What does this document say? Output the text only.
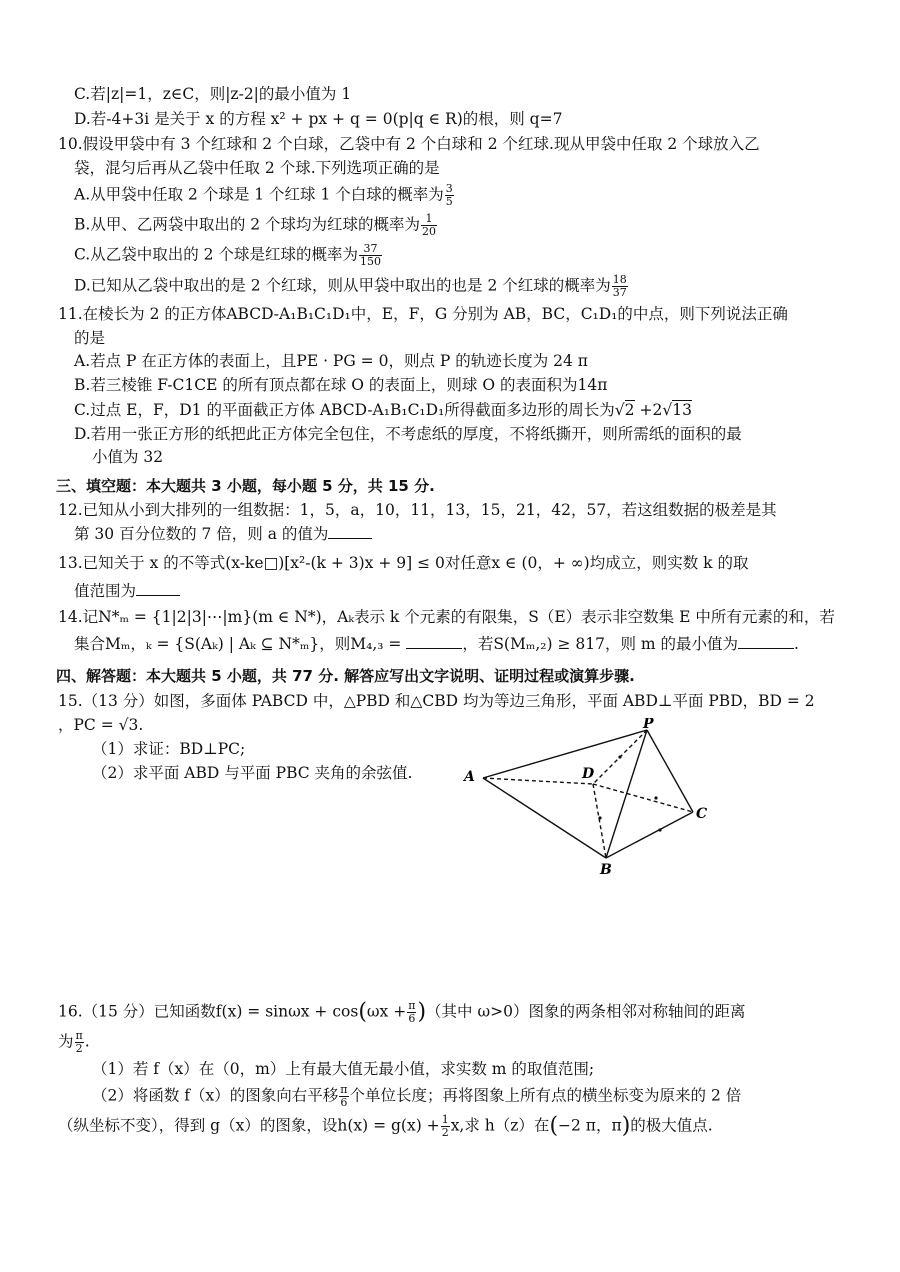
C.若|z|=1，z∈C，则|z-2|的最小值为 1
D.若-4+3i 是关于 x 的方程 x² + px + q = 0(p|q ∈ R)的根，则 q=7
10.假设甲袋中有 3 个红球和 2 个白球，乙袋中有 2 个白球和 2 个红球.现从甲袋中任取 2 个球放入乙
袋，混匀后再从乙袋中任取 2 个球.下列选项正确的是
A.从甲袋中任取 2 个球是 1 个红球 1 个白球的概率为 $\frac{3}{5}$
B.从甲、乙两袋中取出的 2 个球均为红球的概率为 $\frac{1}{20}$
C.从乙袋中取出的 2 个球是红球的概率为 $\frac{37}{150}$
D.已知从乙袋中取出的是 2 个红球，则从甲袋中取出的也是 2 个红球的概率为 $\frac{18}{37}$
11.在棱长为 2 的正方体ABCD-A₁B₁C₁D₁中，E，F，G 分别为 AB，BC，C₁D₁的中点，则下列说法正确
的是
A.若点 P 在正方体的表面上，且PE · PG = 0，则点 P 的轨迹长度为 24 π
B.若三棱锥 F-C1CE 的所有顶点都在球 O 的表面上，则球 O 的表面积为14π
C.过点 E，F，D1 的平面截正方体 ABCD-A₁B₁C₁D₁所得截面多边形的周长为√2 +2√13
D.若用一张正方形的纸把此正方体完全包住，不考虑纸的厚度，不将纸撕开，则所需纸的面积的最
小值为 32
三、填空题：本大题共 3 小题，每小题 5 分，共 15 分.
12.已知从小到大排列的一组数据：1，5，a，10，11，13，15，21，42，57，若这组数据的极差是其
第 30 百分位数的 7 倍，则 a 的值为
13.已知关于 x 的不等式(x-ke□)[x²-(k + 3)x + 9] ≤ 0对任意x ∈ (0，+ ∞)均成立，则实数 k 的取
值范围为
14.记N*ₘ = {1|2|3|⋯|m}(m ∈ N*)，Aₖ表示 k 个元素的有限集，S（E）表示非空数集 E 中所有元素的和，若
集合Mₘ，ₖ = {S(Aₖ) | Aₖ ⊆ N*ₘ}，则M₄,₃ =	，若S(Mₘ,₂) ≥ 817，则 m 的最小值为	.
四、解答题：本大题共 5 小题，共 77 分. 解答应写出文字说明、证明过程或演算步骤.
15.（13 分）如图，多面体 PABCD 中，△PBD 和△CBD 均为等边三角形，平面 ABD⊥平面 PBD，BD = 2
，PC = √3.
（1）求证：BD⊥PC;
（2）求平面 ABD 与平面 PBC 夹角的余弦值.
P
A	D
C
B
16.（15 分）已知函数$f(x) = \sin\omega x + \cos(\omega x + \frac{\pi}{6}$ )（其中 ω>0）图象的两条相邻对称轴间的距离
为 $\frac{\pi}{2}$ .
（1）若 f（x）在（0，m）上有最大值无最小值，求实数 m 的取值范围;
（2）将函数 f（x）的图象向右平移 $\frac{\pi}{6}$ 个单位长度；再将图象上所有点的横坐标变为原来的 2 倍
（纵坐标不变），得到 g（x）的图象，设$h(x) = g(x) + \frac{1}{2} x$,求 h（z）在(−2 π，π)的极大值点.
